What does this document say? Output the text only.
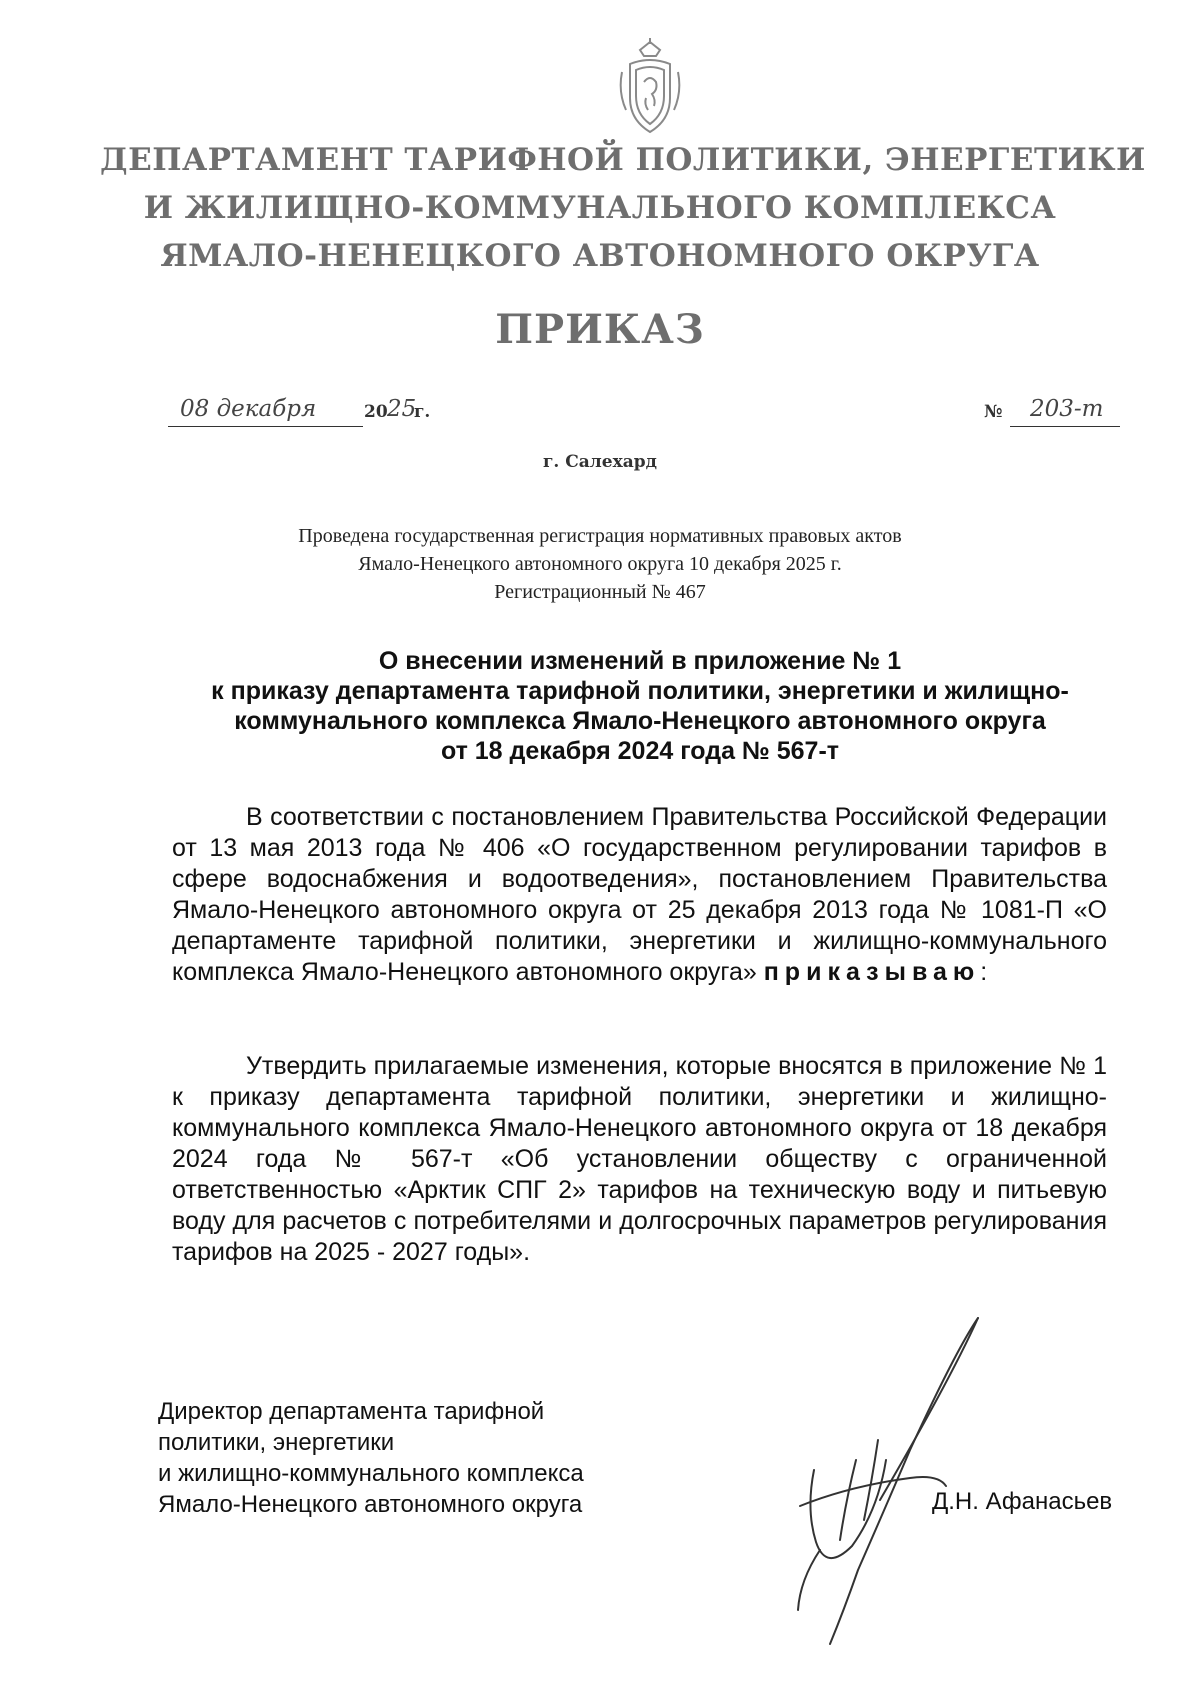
ДЕПАРТАМЕНТ ТАРИФНОЙ ПОЛИТИКИ, ЭНЕРГЕТИКИ
И ЖИЛИЩНО-КОММУНАЛЬНОГО КОМПЛЕКСА
ЯМАЛО-НЕНЕЦКОГО АВТОНОМНОГО ОКРУГА
ПРИКАЗ
08 декабря	20 25
г.	№ 203-т
г. Салехард
Проведена государственная регистрация нормативных правовых актов
Ямало-Ненецкого автономного округа 10 декабря 2025 г.
Регистрационный № 467
О внесении изменений в приложение № 1
к приказу департамента тарифной политики, энергетики и жилищно-
коммунального комплекса Ямало-Ненецкого автономного округа
от 18 декабря 2024 года № 567-т
В соответствии с постановлением Правительства Российской Федерации от 13 мая 2013 года № 406 «О государственном регулировании тарифов в сфере водоснабжения и водоотведения», постановлением Правительства Ямало-Ненецкого автономного округа от 25 декабря 2013 года № 1081-П «О департаменте тарифной политики, энергетики и жилищно-коммунального комплекса Ямало-Ненецкого автономного округа» приказываю:
Утвердить прилагаемые изменения, которые вносятся в приложение № 1 к приказу департамента тарифной политики, энергетики и жилищно-коммунального комплекса Ямало-Ненецкого автономного округа от 18 декабря 2024 года № 567-т «Об установлении обществу с ограниченной ответственностью «Арктик СПГ 2» тарифов на техническую воду и питьевую воду для расчетов с потребителями и долгосрочных параметров регулирования тарифов на 2025 - 2027 годы».
Директор департамента тарифной
политики, энергетики
и жилищно-коммунального комплекса
Ямало-Ненецкого автономного округа	Д.Н. Афанасьев
